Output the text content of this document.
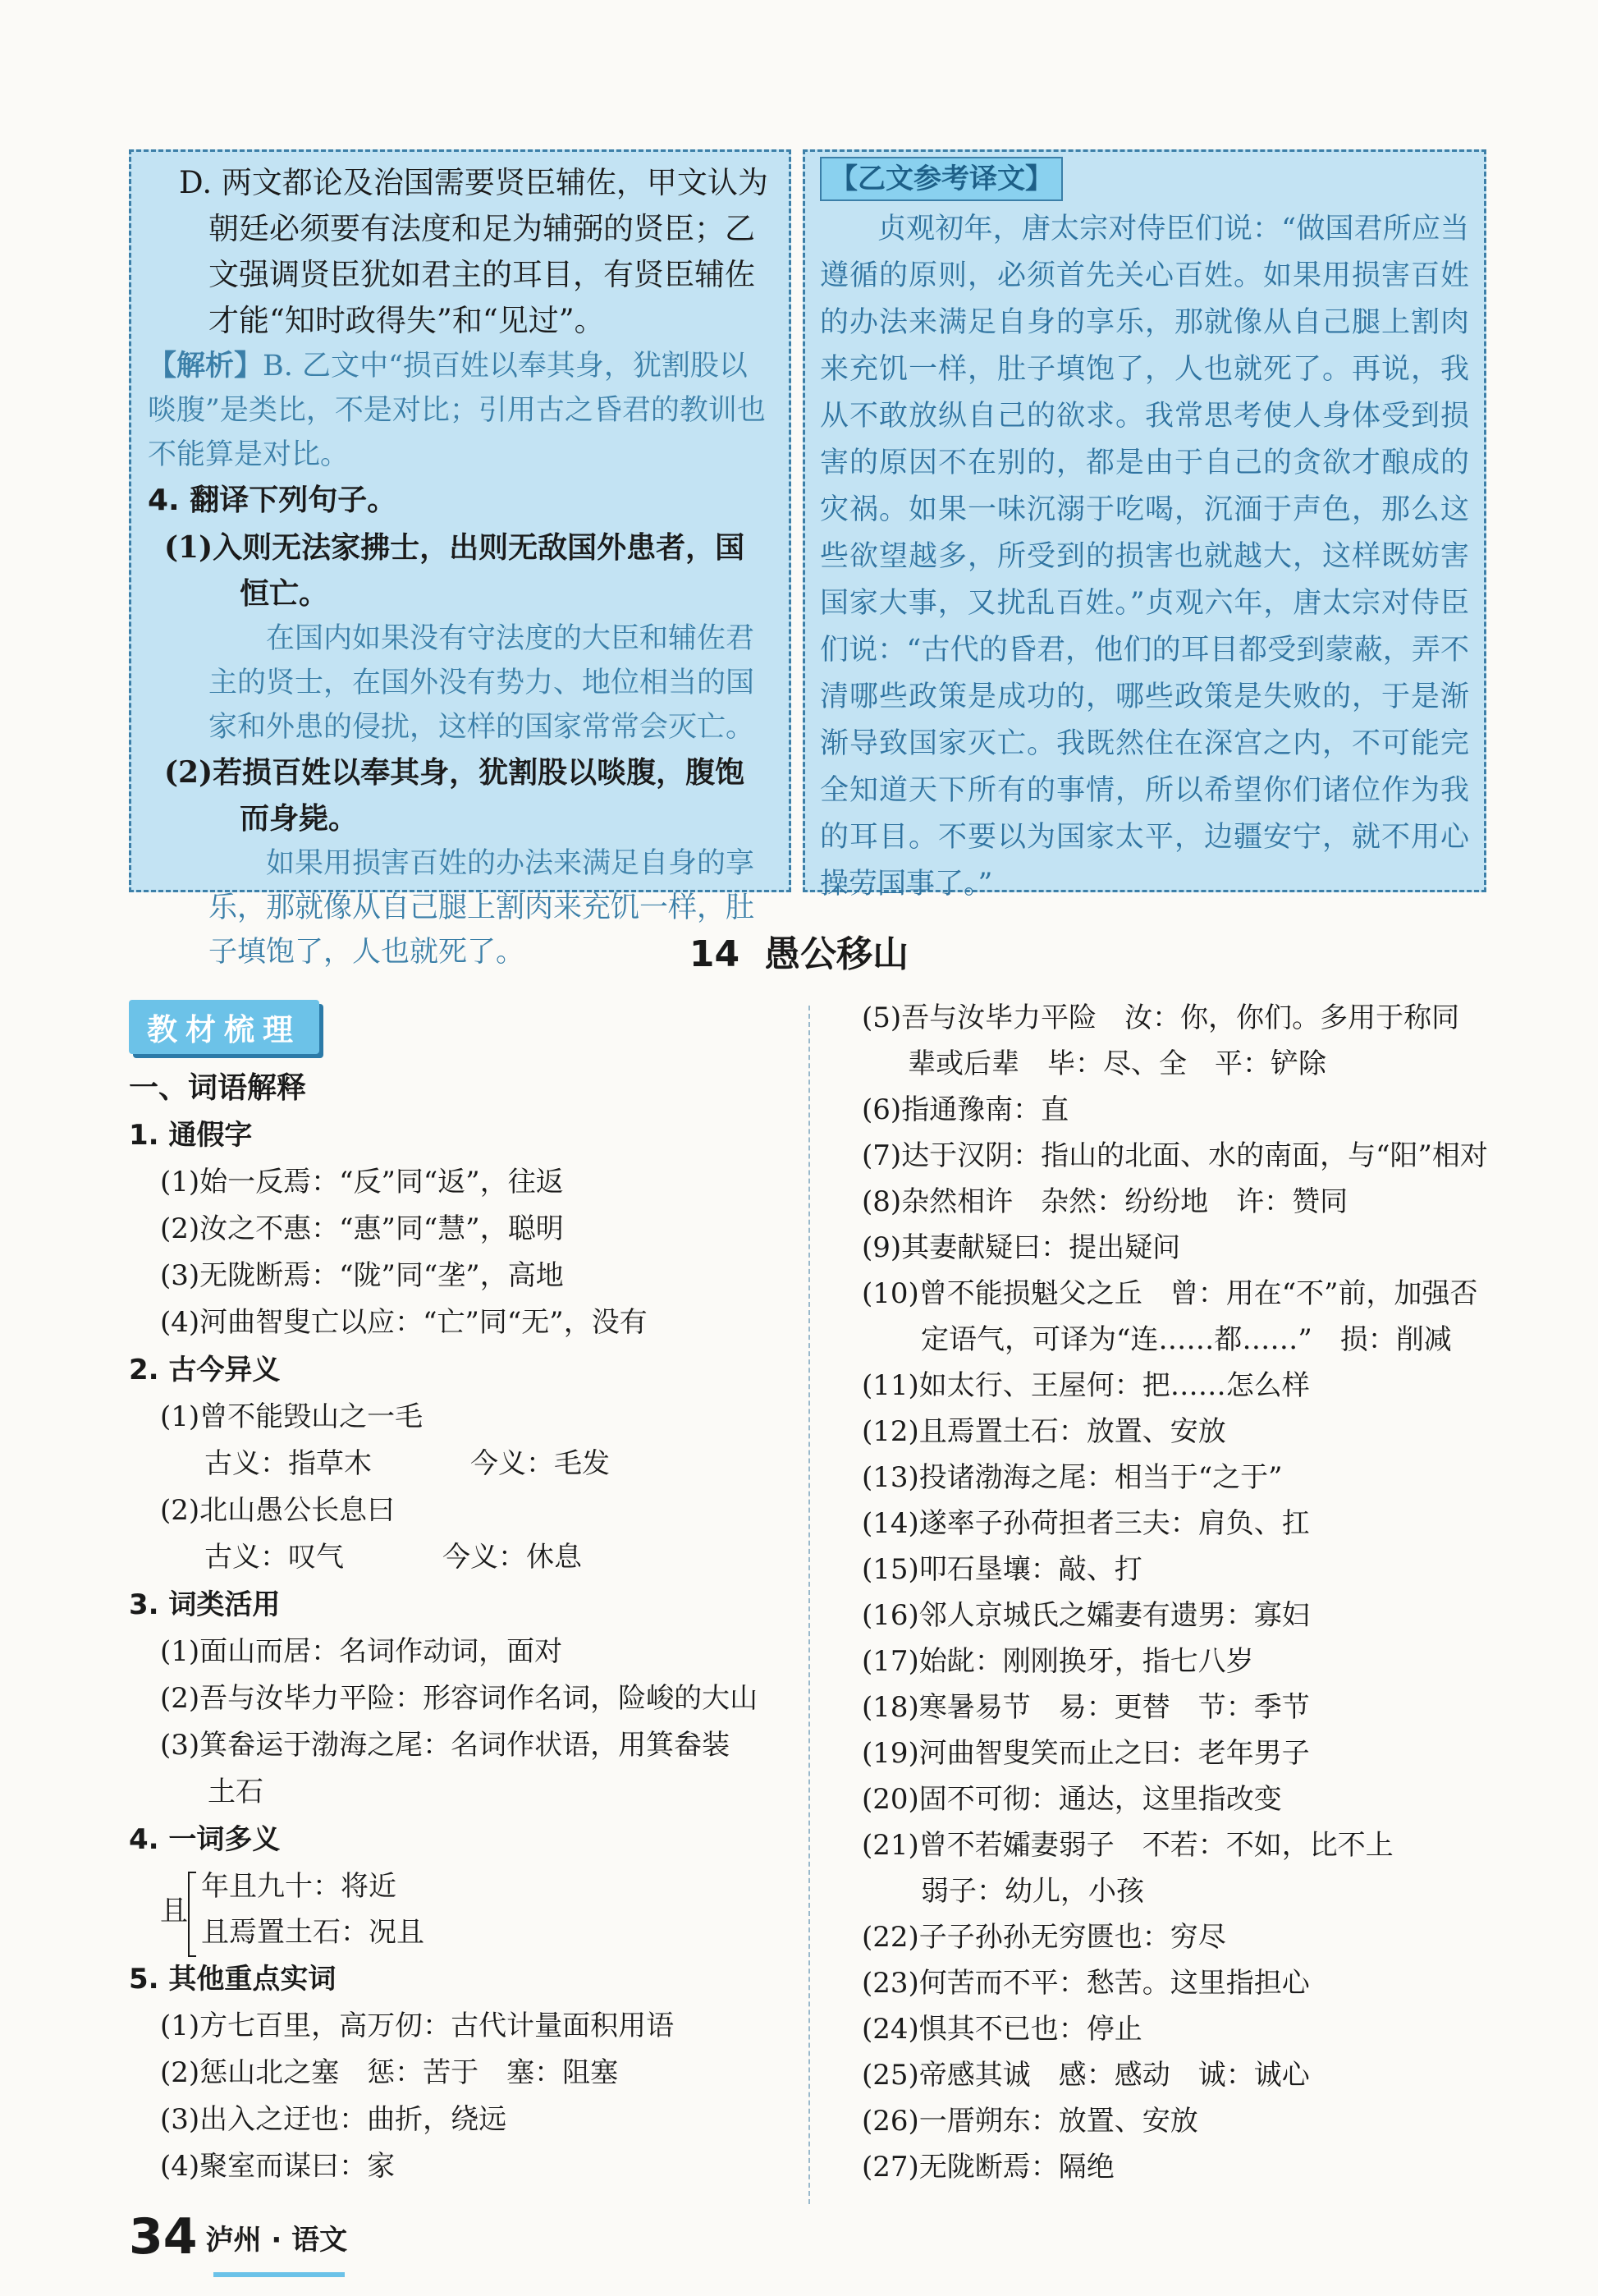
D. 两文都论及治国需要贤臣辅佐，甲文认为朝廷必须要有法度和足为辅弼的贤臣；乙文强调贤臣犹如君主的耳目，有贤臣辅佐才能“知时政得失”和“见过”。

【解析】B. 乙文中“损百姓以奉其身，犹割股以啖腹”是类比，不是对比；引用古之昏君的教训也不能算是对比。

4. 翻译下列句子。

(1)入则无法家拂士，出则无敌国外患者，国恒亡。

在国内如果没有守法度的大臣和辅佐君主的贤士，在国外没有势力、地位相当的国家和外患的侵扰，这样的国家常常会灭亡。

(2)若损百姓以奉其身，犹割股以啖腹，腹饱而身毙。

如果用损害百姓的办法来满足自身的享乐，那就像从自己腿上割肉来充饥一样，肚子填饱了，人也就死了。

【乙文参考译文】

贞观初年，唐太宗对侍臣们说：“做国君所应当遵循的原则，必须首先关心百姓。如果用损害百姓的办法来满足自身的享乐，那就像从自己腿上割肉来充饥一样，肚子填饱了，人也就死了。再说，我从不敢放纵自己的欲求。我常思考使人身体受到损害的原因不在别的，都是由于自己的贪欲才酿成的灾祸。如果一味沉溺于吃喝，沉湎于声色，那么这些欲望越多，所受到的损害也就越大，这样既妨害国家大事，又扰乱百姓。”贞观六年，唐太宗对侍臣们说：“古代的昏君，他们的耳目都受到蒙蔽，弄不清哪些政策是成功的，哪些政策是失败的，于是渐渐导致国家灭亡。我既然住在深宫之内，不可能完全知道天下所有的事情，所以希望你们诸位作为我的耳目。不要以为国家太平，边疆安宁，就不用心操劳国事了。”

14 愚公移山
教材梳理

一、词语解释

1. 通假字

(1)始一反焉：“反”同“返”，往返

(2)汝之不惠：“惠”同“慧”，聪明

(3)无陇断焉：“陇”同“垄”，高地

(4)河曲智叟亡以应：“亡”同“无”，没有

2. 古今异义

(1)曾不能毁山之一毛

古义：指草木	今义：毛发

(2)北山愚公长息曰

古义：叹气	今义：休息

3. 词类活用

(1)面山而居：名词作动词，面对

(2)吾与汝毕力平险：形容词作名词，险峻的大山

(3)箕畚运于渤海之尾：名词作状语，用箕畚装

土石

4. 一词多义

且

年且九十：将近

且焉置土石：况且

5. 其他重点实词

(1)方七百里，高万仞：古代计量面积用语

(2)惩山北之塞　惩：苦于　塞：阻塞

(3)出入之迂也：曲折，绕远

(4)聚室而谋曰：家

(5)吾与汝毕力平险　汝：你，你们。多用于称同

辈或后辈　毕：尽、全　平：铲除

(6)指通豫南：直

(7)达于汉阴：指山的北面、水的南面，与“阳”相对

(8)杂然相许　杂然：纷纷地　许：赞同

(9)其妻献疑曰：提出疑问

(10)曾不能损魁父之丘　曾：用在“不”前，加强否

定语气，可译为“连……都……”　损：削减

(11)如太行、王屋何：把……怎么样

(12)且焉置土石：放置、安放

(13)投诸渤海之尾：相当于“之于”

(14)遂率子孙荷担者三夫：肩负、扛

(15)叩石垦壤：敲、打

(16)邻人京城氏之孀妻有遗男：寡妇

(17)始龀：刚刚换牙，指七八岁

(18)寒暑易节　易：更替　节：季节

(19)河曲智叟笑而止之曰：老年男子

(20)固不可彻：通达，这里指改变

(21)曾不若孀妻弱子　不若：不如，比不上

弱子：幼儿，小孩

(22)子子孙孙无穷匮也：穷尽

(23)何苦而不平：愁苦。这里指担心

(24)惧其不已也：停止

(25)帝感其诚　感：感动　诚：诚心

(26)一厝朔东：放置、安放

(27)无陇断焉：隔绝

34 泸州 · 语文
